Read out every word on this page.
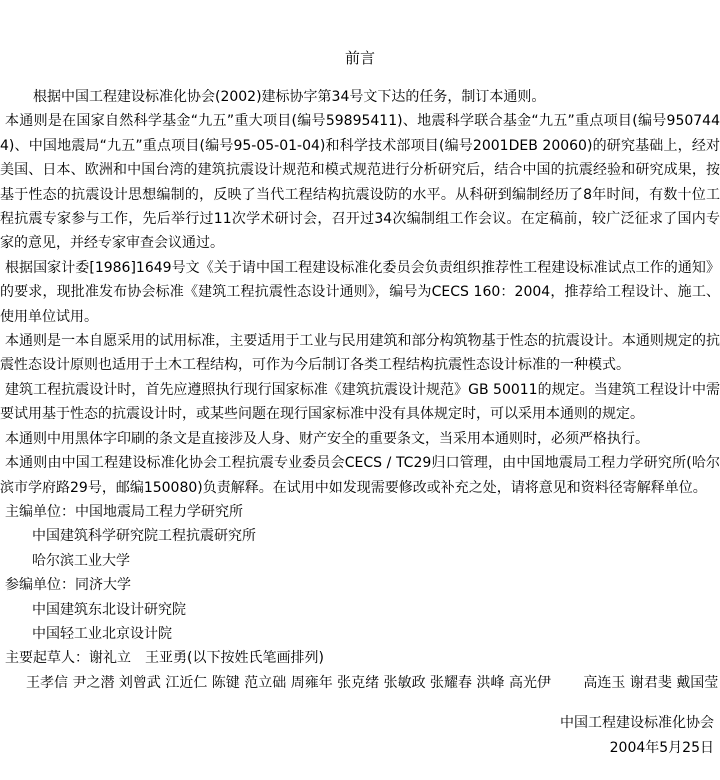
前言

根据中国工程建设标准化协会(2002)建标协字第34号文下达的任务，制订本通则。

本通则是在国家自然科学基金“九五”重大项目(编号59895411)、地震科学联合基金“九五”重点项目(编号9507444)、中国地震局“九五”重点项目(编号95-05-01-04)和科学技术部项目(编号2001DEB 20060)的研究基础上，经对美国、日本、欧洲和中国台湾的建筑抗震设计规范和模式规范进行分析研究后，结合中国的抗震经验和研究成果，按基于性态的抗震设计思想编制的，反映了当代工程结构抗震设防的水平。从科研到编制经历了8年时间，有数十位工程抗震专家参与工作，先后举行过11次学术研讨会，召开过34次编制组工作会议。在定稿前，较广泛征求了国内专家的意见，并经专家审查会议通过。

根据国家计委[1986]1649号文《关于请中国工程建设标准化委员会负责组织推荐性工程建设标准试点工作的通知》的要求，现批准发布协会标准《建筑工程抗震性态设计通则》，编号为CECS 160：2004，推荐给工程设计、施工、使用单位试用。

本通则是一本自愿采用的试用标准，主要适用于工业与民用建筑和部分构筑物基于性态的抗震设计。本通则规定的抗震性态设计原则也适用于土木工程结构，可作为今后制订各类工程结构抗震性态设计标准的一种模式。

建筑工程抗震设计时，首先应遵照执行现行国家标准《建筑抗震设计规范》GB 50011的规定。当建筑工程设计中需要试用基于性态的抗震设计时，或某些问题在现行国家标准中没有具体规定时，可以采用本通则的规定。

本通则中用黑体字印刷的条文是直接涉及人身、财产安全的重要条文，当采用本通则时，必须严格执行。

本通则由中国工程建设标准化协会工程抗震专业委员会CECS / TC29归口管理，由中国地震局工程力学研究所(哈尔滨市学府路29号，邮编150080)负责解释。在试用中如发现需要修改或补充之处，请将意见和资料径寄解释单位。

主编单位：中国地震局工程力学研究所

中国建筑科学研究院工程抗震研究所

哈尔滨工业大学

参编单位：同济大学

中国建筑东北设计研究院

中国轻工业北京设计院

主要起草人：谢礼立　王亚勇(以下按姓氏笔画排列)

王孝信 尹之潜 刘曾武 江近仁 陈键 范立础 周雍年 张克绪 张敏政 张耀春 洪峰 高光伊　　 高连玉 谢君斐 戴国莹

中国工程建设标准化协会

2004年5月25日
